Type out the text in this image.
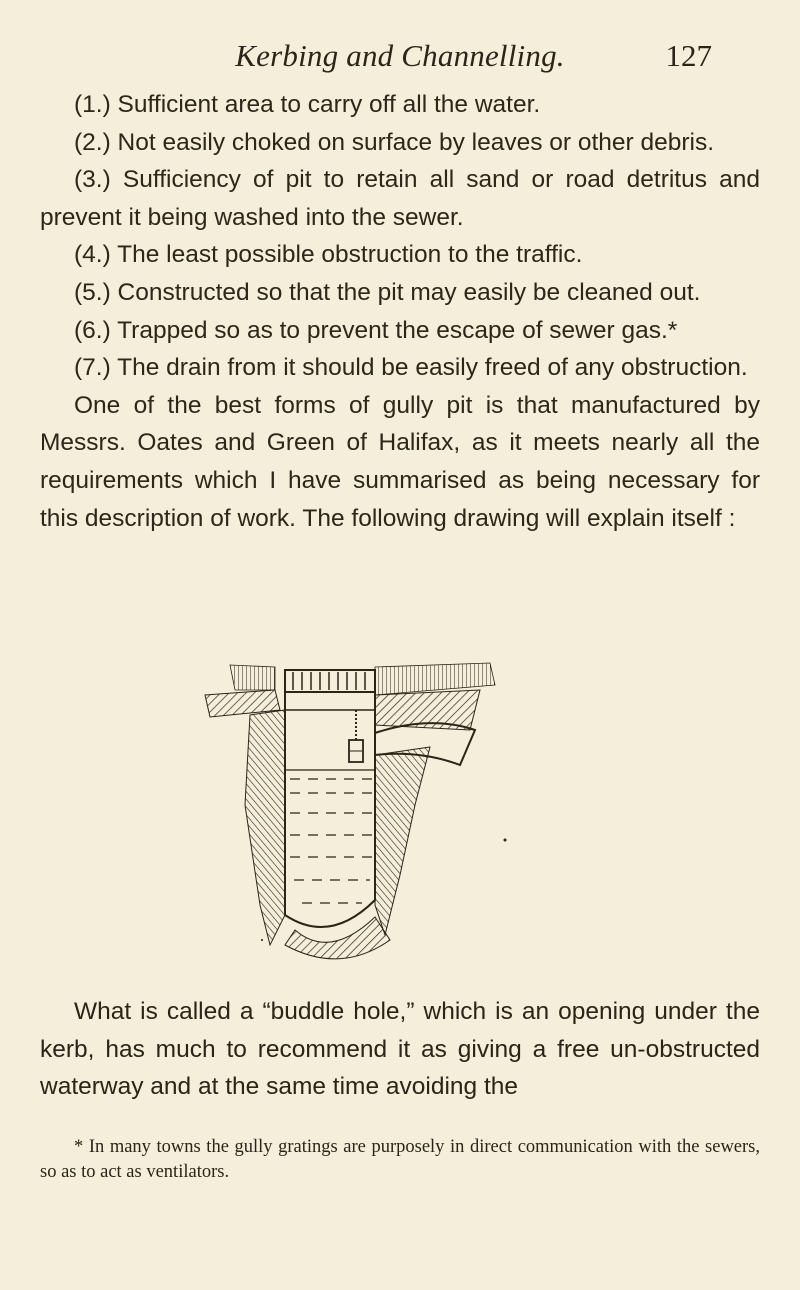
Kerbing and Channelling.	127

(1.) Sufficient area to carry off all the water.

(2.) Not easily choked on surface by leaves or other debris.

(3.) Sufficiency of pit to retain all sand or road detritus and prevent it being washed into the sewer.

(4.) The least possible obstruction to the traffic.

(5.) Constructed so that the pit may easily be cleaned out.

(6.) Trapped so as to prevent the escape of sewer gas.*

(7.) The drain from it should be easily freed of any obstruction.

One of the best forms of gully pit is that manufactured by Messrs. Oates and Green of Halifax, as it meets nearly all the requirements which I have summarised as being necessary for this description of work. The following drawing will explain itself :

What is called a “buddle hole,” which is an opening under the kerb, has much to recommend it as giving a free un-obstructed waterway and at the same time avoiding the

* In many towns the gully gratings are purposely in direct communication with the sewers, so as to act as ventilators.
